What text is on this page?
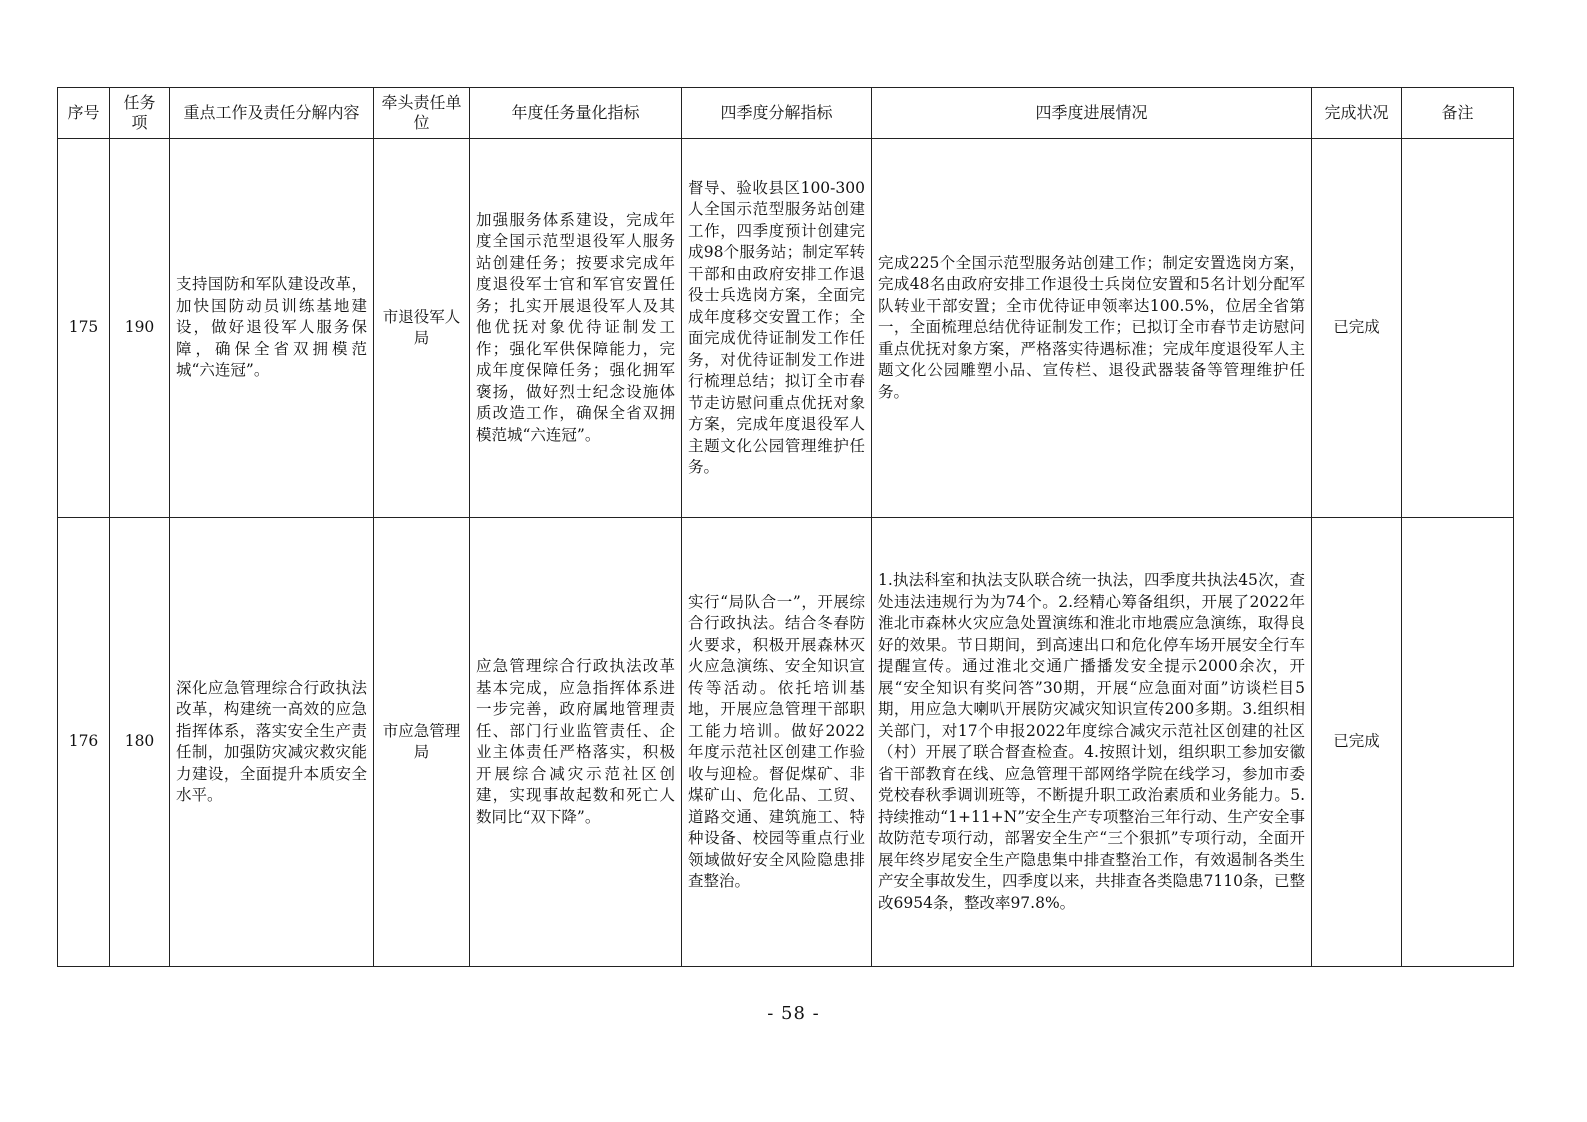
序号	任务项	重点工作及责任分解内容	牵头责任单位	年度任务量化指标	四季度分解指标	四季度进展情况	完成状况	备注
175	190	支持国防和军队建设改革，加快国防动员训练基地建设，做好退役军人服务保障，确保全省双拥模范城“六连冠”。	市退役军人局	加强服务体系建设，完成年度全国示范型退役军人服务站创建任务；按要求完成年度退役军士官和军官安置任务；扎实开展退役军人及其他优抚对象优待证制发工作；强化军供保障能力，完成年度保障任务；强化拥军褒扬，做好烈士纪念设施体质改造工作，确保全省双拥模范城“六连冠”。	督导、验收县区100-300人全国示范型服务站创建工作，四季度预计创建完成98个服务站；制定军转干部和由政府安排工作退役士兵选岗方案，全面完成年度移交安置工作；全面完成优待证制发工作任务，对优待证制发工作进行梳理总结；拟订全市春节走访慰问重点优抚对象方案，完成年度退役军人主题文化公园管理维护任务。	完成225个全国示范型服务站创建工作；制定安置选岗方案，完成48名由政府安排工作退役士兵岗位安置和5名计划分配军队转业干部安置；全市优待证申领率达100.5%，位居全省第一，全面梳理总结优待证制发工作；已拟订全市春节走访慰问重点优抚对象方案，严格落实待遇标准；完成年度退役军人主题文化公园雕塑小品、宣传栏、退役武器装备等管理维护任务。	已完成	
176	180	深化应急管理综合行政执法改革，构建统一高效的应急指挥体系，落实安全生产责任制，加强防灾减灾救灾能力建设，全面提升本质安全水平。	市应急管理局	应急管理综合行政执法改革基本完成，应急指挥体系进一步完善，政府属地管理责任、部门行业监管责任、企业主体责任严格落实，积极开展综合减灾示范社区创建，实现事故起数和死亡人数同比“双下降”。	实行“局队合一”，开展综合行政执法。结合冬春防火要求，积极开展森林灭火应急演练、安全知识宣传等活动。依托培训基地，开展应急管理干部职工能力培训。做好2022年度示范社区创建工作验收与迎检。督促煤矿、非煤矿山、危化品、工贸、道路交通、建筑施工、特种设备、校园等重点行业领域做好安全风险隐患排查整治。	1.执法科室和执法支队联合统一执法，四季度共执法45次，查处违法违规行为为74个。2.经精心筹备组织，开展了2022年淮北市森林火灾应急处置演练和淮北市地震应急演练，取得良好的效果。节日期间，到高速出口和危化停车场开展安全行车提醒宣传。通过淮北交通广播播发安全提示2000余次，开展“安全知识有奖问答”30期，开展“应急面对面”访谈栏目5期，用应急大喇叭开展防灾减灾知识宣传200多期。3.组织相关部门，对17个申报2022年度综合减灾示范社区创建的社区（村）开展了联合督查检查。4.按照计划，组织职工参加安徽省干部教育在线、应急管理干部网络学院在线学习，参加市委党校春秋季调训班等，不断提升职工政治素质和业务能力。5.持续推动“1+11+N”安全生产专项整治三年行动、生产安全事故防范专项行动，部署安全生产“三个狠抓”专项行动，全面开展年终岁尾安全生产隐患集中排查整治工作，有效遏制各类生产安全事故发生，四季度以来，共排查各类隐患7110条，已整改6954条，整改率97.8%。	已完成	
- 58 -
